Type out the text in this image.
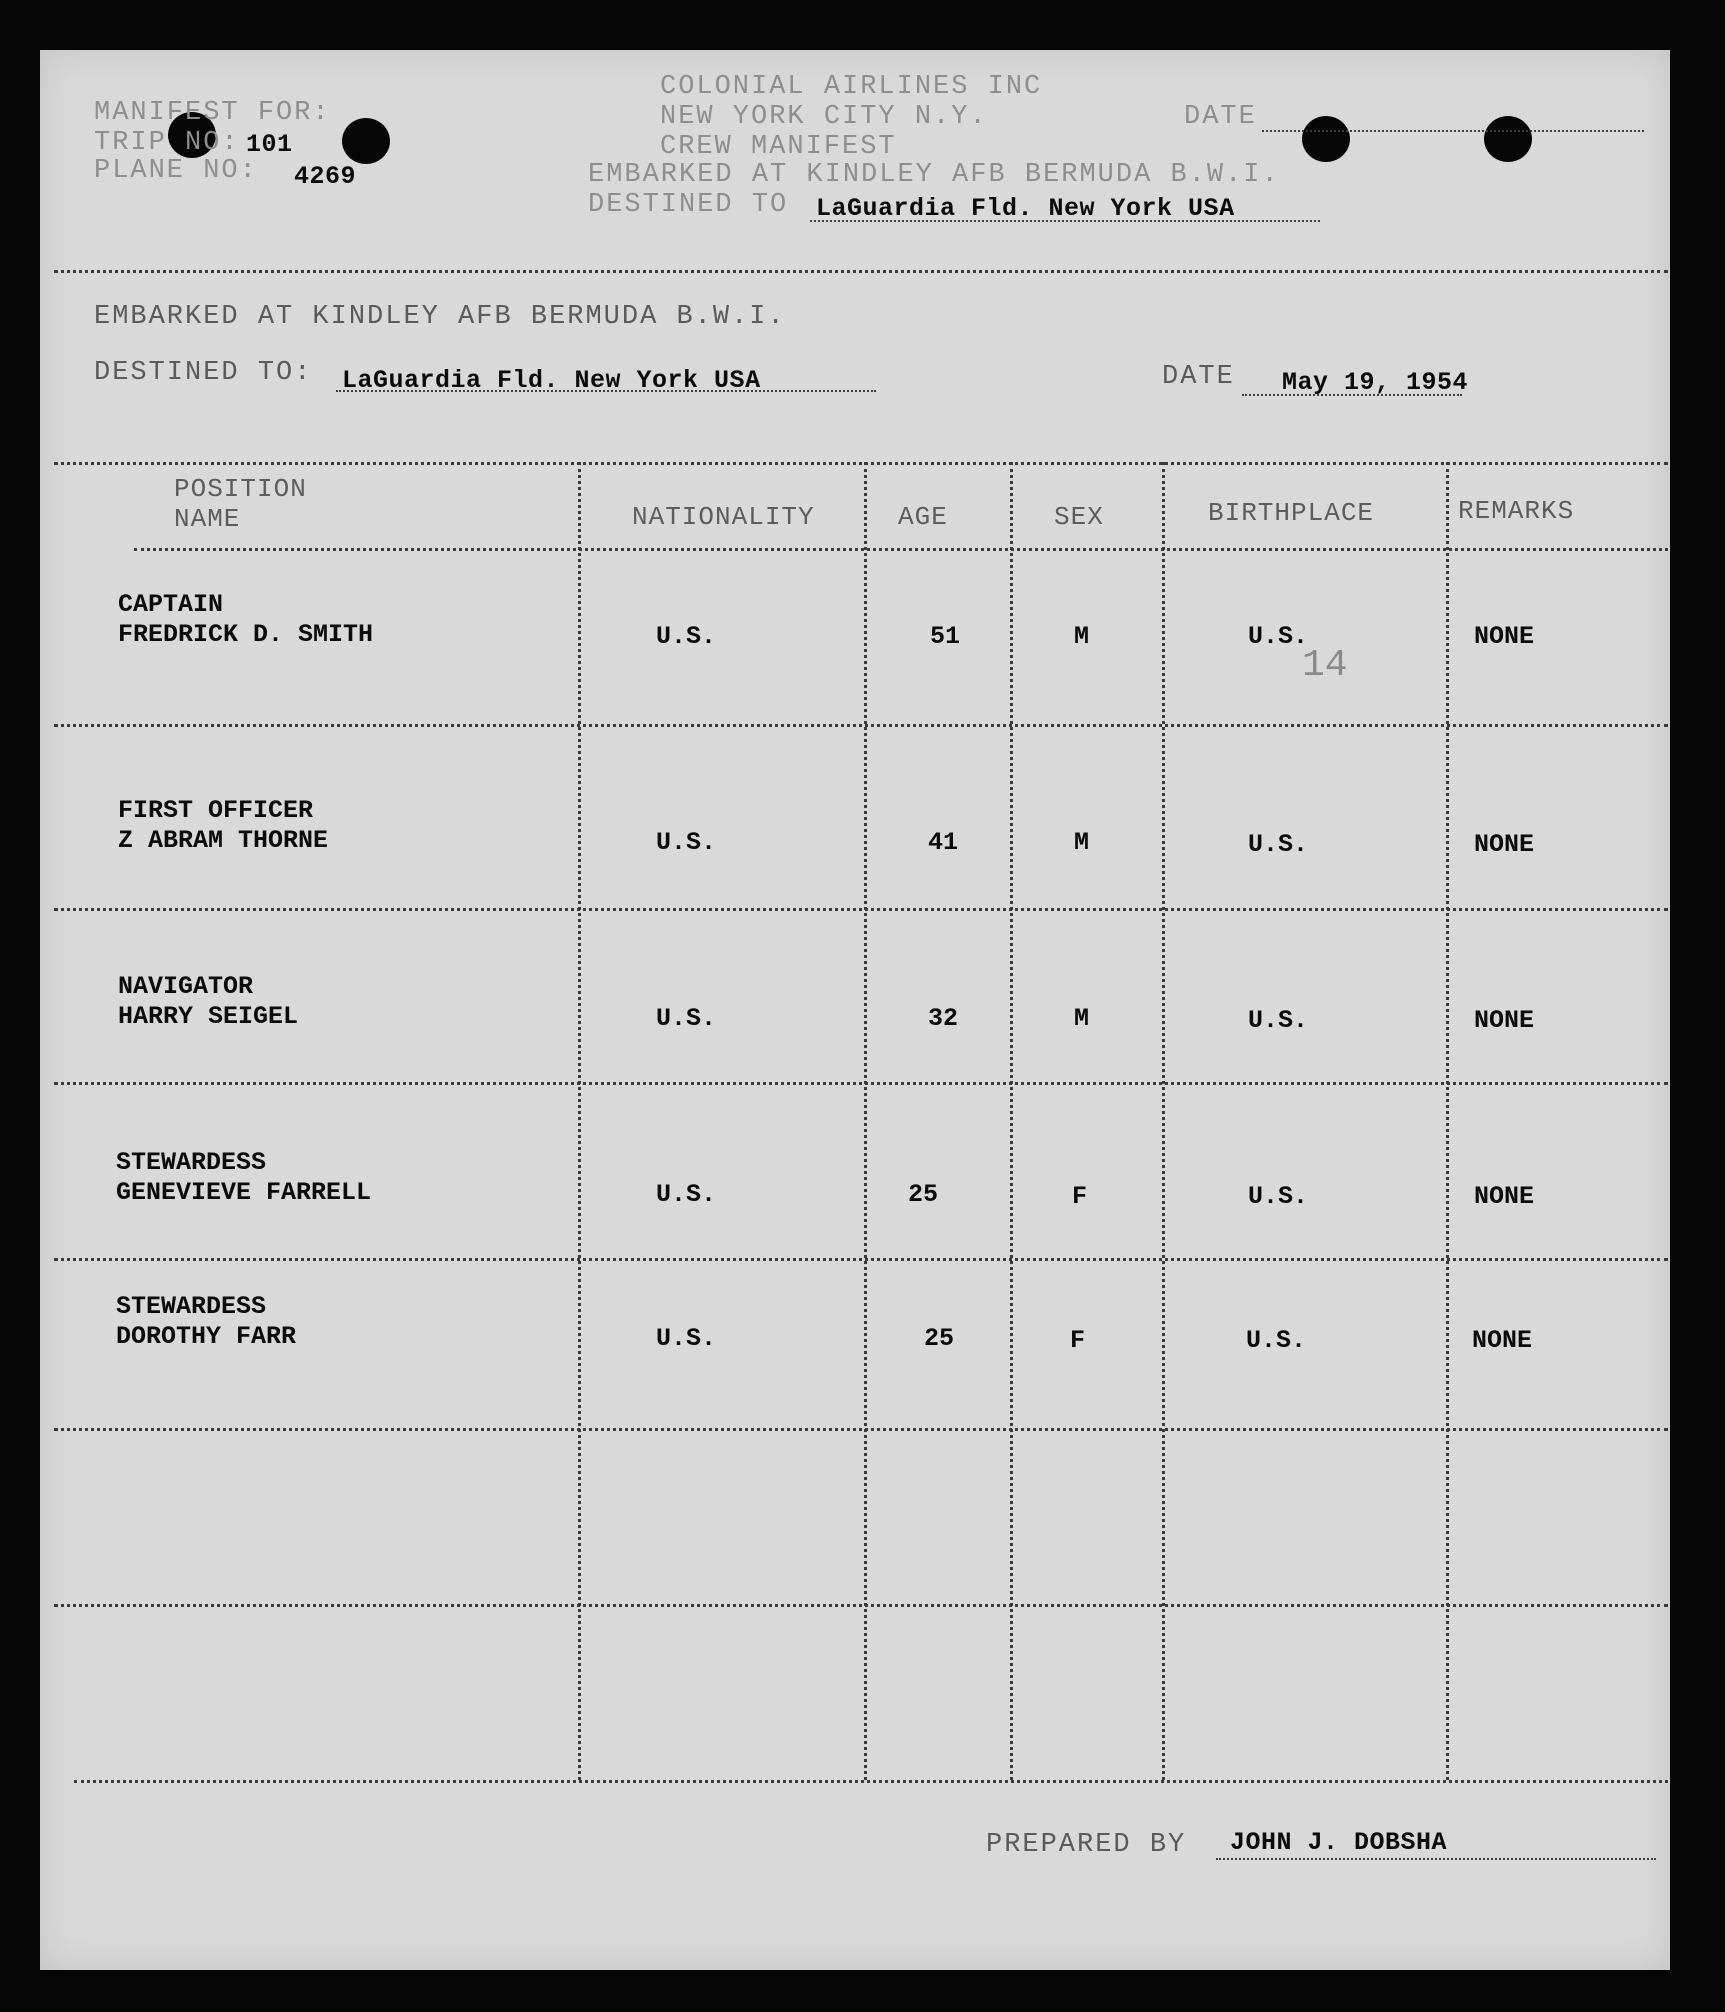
MANIFEST FOR:
TRIP NO: 101
PLANE NO: 4269
COLONIAL AIRLINES INC
NEW YORK CITY N.Y.
CREW MANIFEST
EMBARKED AT KINDLEY AFB BERMUDA B.W.I.
DESTINED TO LaGuardia Fld. New York USA
DATE
EMBARKED AT KINDLEY AFB BERMUDA B.W.I.
DESTINED TO: LaGuardia Fld. New York USA	DATE May 19, 1954
POSITION
NAME	NATIONALITY	AGE	SEX	BIRTHPLACE	REMARKS
CAPTAIN
FREDRICK D. SMITH	U.S.	51	M	U.S.	NONE
14
FIRST OFFICER
Z ABRAM THORNE	U.S.	41	M	U.S.	NONE
NAVIGATOR
HARRY SEIGEL	U.S.	32	M	U.S.	NONE
STEWARDESS
GENEVIEVE FARRELL	U.S.	25	F	U.S.	NONE
STEWARDESS
DOROTHY FARR	U.S.	25	F	U.S.	NONE
PREPARED BY JOHN J. DOBSHA
